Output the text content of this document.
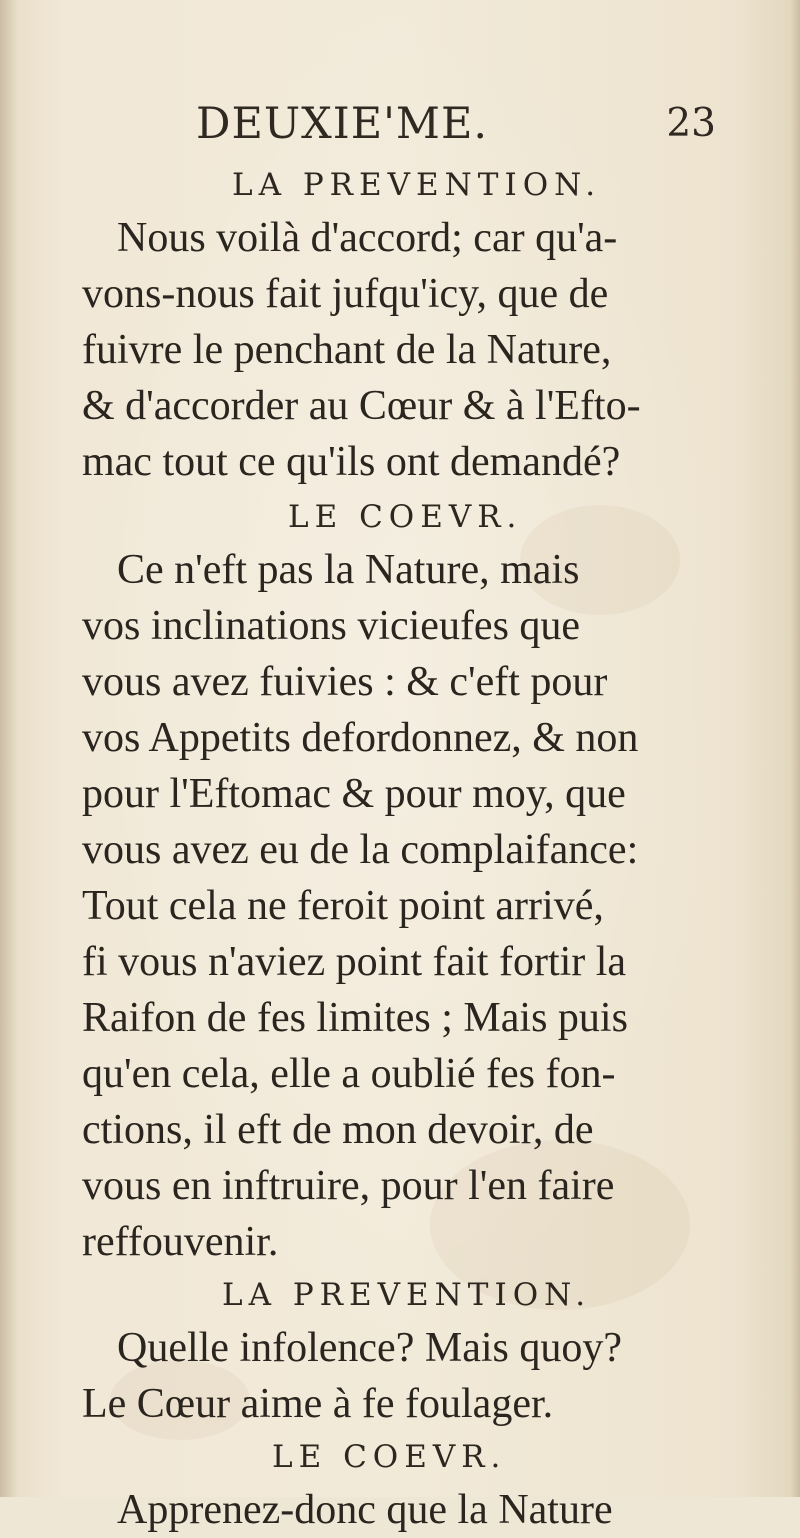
DEUXIE'ME.	23
LA PREVENTION.
Nous voilà d'accord; car qu'a-
vons-nous fait jufqu'icy, que de
fuivre le penchant de la Nature,
& d'accorder au Cœur & à l'Efto-
mac tout ce qu'ils ont demandé?
LE COEVR.
Ce n'eft pas la Nature, mais
vos inclinations vicieufes que
vous avez fuivies : & c'eft pour
vos Appetits defordonnez, & non
pour l'Eftomac & pour moy, que
vous avez eu de la complaifance:
Tout cela ne feroit point arrivé,
fi vous n'aviez point fait fortir la
Raifon de fes limites ; Mais puis
qu'en cela, elle a oublié fes fon-
ctions, il eft de mon devoir, de
vous en inftruire, pour l'en faire
reffouvenir.
LA PREVENTION.
Quelle infolence? Mais quoy?
Le Cœur aime à fe foulager.
LE COEVR.
Apprenez-donc que la Nature
